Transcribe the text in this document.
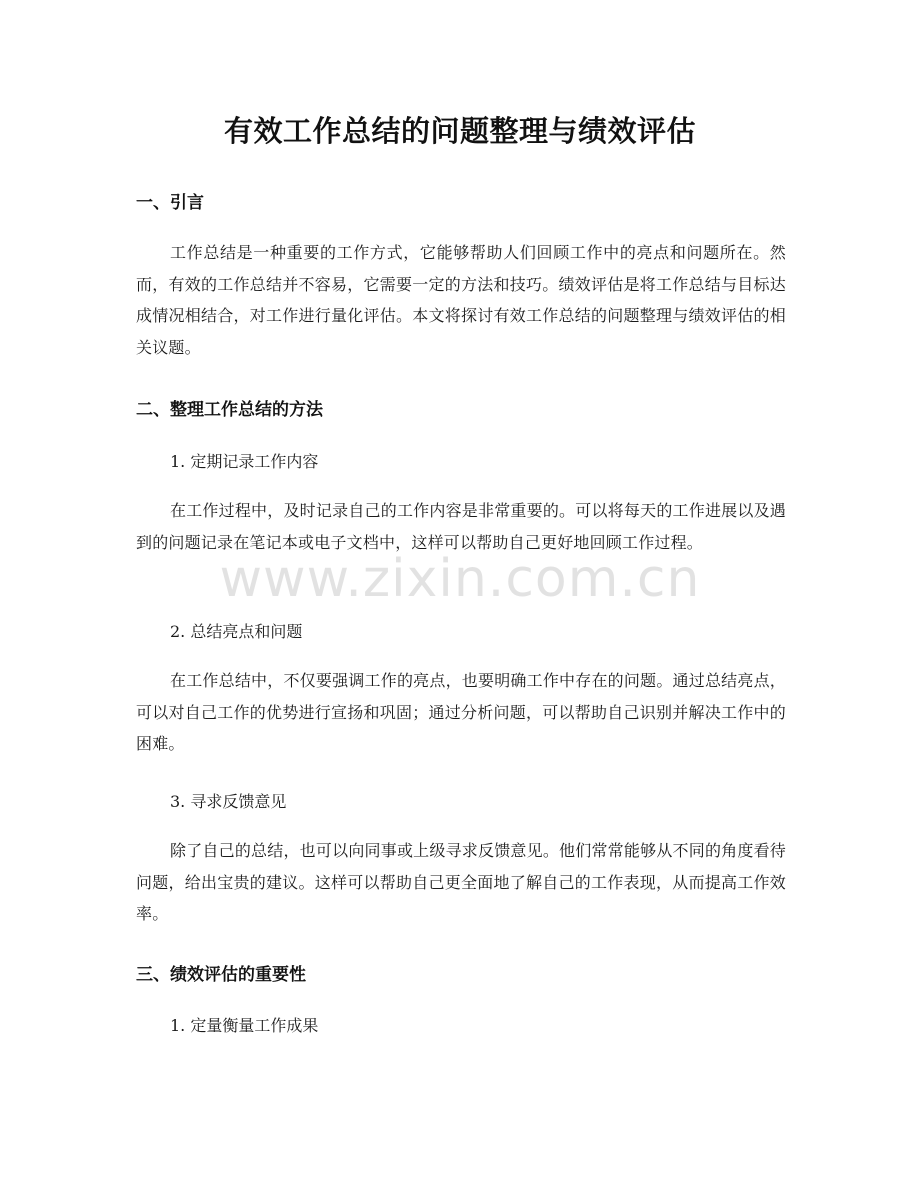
有效工作总结的问题整理与绩效评估
一、引言
工作总结是一种重要的工作方式，它能够帮助人们回顾工作中的亮点和问题所在。然而，有效的工作总结并不容易，它需要一定的方法和技巧。绩效评估是将工作总结与目标达成情况相结合，对工作进行量化评估。本文将探讨有效工作总结的问题整理与绩效评估的相关议题。
二、整理工作总结的方法
1. 定期记录工作内容
在工作过程中，及时记录自己的工作内容是非常重要的。可以将每天的工作进展以及遇到的问题记录在笔记本或电子文档中，这样可以帮助自己更好地回顾工作过程。
2. 总结亮点和问题
在工作总结中，不仅要强调工作的亮点，也要明确工作中存在的问题。通过总结亮点，可以对自己工作的优势进行宣扬和巩固；通过分析问题，可以帮助自己识别并解决工作中的困难。
3. 寻求反馈意见
除了自己的总结，也可以向同事或上级寻求反馈意见。他们常常能够从不同的角度看待问题，给出宝贵的建议。这样可以帮助自己更全面地了解自己的工作表现，从而提高工作效率。
三、绩效评估的重要性
1. 定量衡量工作成果
www.zixin.com.cn
